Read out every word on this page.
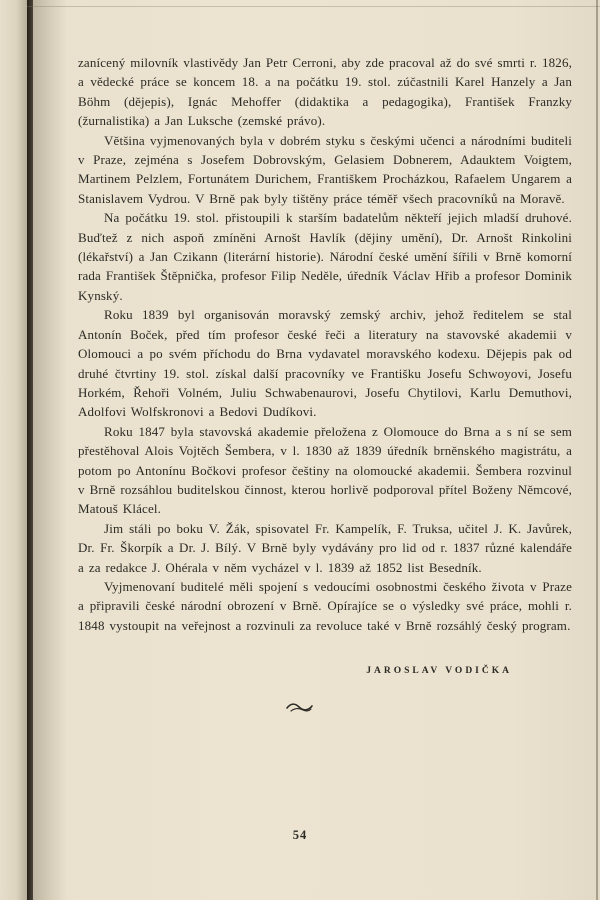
zanícený milovník vlastivědy Jan Petr Cerroni, aby zde pracoval až do své smrti r. 1826, a vědecké práce se koncem 18. a na počátku 19. stol. zúčastnili Karel Hanzely a Jan Böhm (dějepis), Ignác Mehoffer (didaktika a pedagogika), František Franzky (žurnalistika) a Jan Luksche (zemské právo).

Většina vyjmenovaných byla v dobrém styku s českými učenci a národními buditeli v Praze, zejména s Josefem Dobrovským, Gelasiem Dobnerem, Adauktem Voigtem, Martinem Pelzlem, Fortunátem Durichem, Františkem Procházkou, Rafaelem Ungarem a Stanislavem Vydrou. V Brně pak byly tištěny práce téměř všech pracovníků na Moravě.

Na počátku 19. stol. přistoupili k starším badatelům někteří jejich mladší druhové. Buďtež z nich aspoň zmíněni Arnošt Havlík (dějiny umění), Dr. Arnošt Rinkolini (lékařství) a Jan Czikann (literární historie). Národní české umění šířili v Brně komorní rada František Štěpnička, profesor Filip Neděle, úředník Václav Hřib a profesor Dominik Kynský.

Roku 1839 byl organisován moravský zemský archiv, jehož ředitelem se stal Antonín Boček, před tím profesor české řeči a literatury na stavovské akademii v Olomouci a po svém příchodu do Brna vydavatel moravského kodexu. Dějepis pak od druhé čtvrtiny 19. stol. získal další pracovníky ve Františku Josefu Schwoyovi, Josefu Horkém, Řehoři Volném, Juliu Schwabenaurovi, Josefu Chytilovi, Karlu Demuthovi, Adolfovi Wolfskronovi a Bedovi Dudíkovi.

Roku 1847 byla stavovská akademie přeložena z Olomouce do Brna a s ní se sem přestěhoval Alois Vojtěch Šembera, v l. 1830 až 1839 úředník brněnského magistrátu, a potom po Antonínu Bočkovi profesor češtiny na olomoucké akademii. Šembera rozvinul v Brně rozsáhlou buditelskou činnost, kterou horlivě podporoval přítel Boženy Němcové, Matouš Klácel.

Jim stáli po boku V. Žák, spisovatel Fr. Kampelík, F. Truksa, učitel J. K. Javůrek, Dr. Fr. Škorpík a Dr. J. Bílý. V Brně byly vydávány pro lid od r. 1837 různé kalendáře a za redakce J. Ohérala v něm vycházel v l. 1839 až 1852 list Besedník.

Vyjmenovaní buditelé měli spojení s vedoucími osobnostmi českého života v Praze a připravili české národní obrození v Brně. Opírajíce se o výsledky své práce, mohli r. 1848 vystoupit na veřejnost a rozvinuli za revoluce také v Brně rozsáhlý český program.

JAROSLAV VODIČKA
54
